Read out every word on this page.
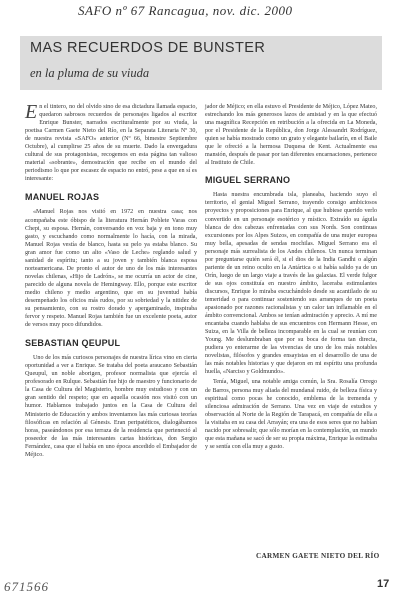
SAFO nº 67 Rancagua, nov. dic. 2000
MAS RECUERDOS DE BUNSTER
en la pluma de su viuda

En el tintero, no del olvido sino de esa dictadura llamada espacio, quedaron sabrosos recuerdos de personajes ligados al escritor Enrique Bunster, narrados escrituralmente por su viuda, la poetisa Carmen Gaete Nieto del Río, en la Separata Literaria Nº 30, de nuestra revista «SAFO» anterior (Nº 66, bimestre Septiembre Octubre), al cumplirse 25 años de su muerte. Dado la envergadura cultural de sus protagonistas, recogemos en esta página tan valioso material «sobrante», demostración que recibe en el mundo del periodismo lo que por escasez de espacio no entró, pese a que en sí es interesante:

MANUEL ROJAS

«Manuel Rojas nos visitó en 1972 en nuestra casa; nos acompañaba este óbispo de la literatura Hernán Poblete Varas con Chepi, su esposa. Hernán, conversando en voz baja y en tono muy gasto, y escuchando como normalmente lo hacía, con la mirada, Manuel Rojas vestía de blanco, hasta su pelo ya estaba blanco. Su gran amor fue como un alto «Vaso de Leche» reglando salud y sanidad de espíritu; tanto a su joven y también blanca esposa norteamericana. De pronto el autor de uno de los más interesantes novelas chilenas, «Hijo de Ladrón», se me ocurría un actor de cine, parecido de alguna novela de Hemingway. Ello, porque este escritor medio chileno y medio argentino, que en su juventud había desempeñado los oficios más rudos, por su sobriedad y la nitidez de su pensamiento, con su rostro dorado y apergaminado, inspiraba fervor y respeto. Manuel Rojas también fue un excelente poeta, autor de versos muy poco difundidos.

SEBASTIAN QEUPUL

Uno de los más curiosos personajes de nuestra lírica vino en cierta oportunidad a ver a Enrique. Se trataba del poeta araucano Sebastián Queupul, un noble aborigen, profesor normalista que ejercía el profesorado en Rulque. Sebastián fue hijo de maestro y funcionario de la Casa de Cultura del Magisterio, hombre muy estudioso y con un gran sentido del respeto; que en aquella ocasión nos visitó con un humor. Hablamos trabajado juntos en la Casa de Cultura del Ministerio de Educación y ambos inventamos las más curiosas teorías filosóficas en relación al Génesis. Eran peripatéticos, dialogábamos horas, paseándonos por esa terraza de la residencia que perteneció al poseedor de las más interesantes cartas históricas, don Sergio Fernández, casa que el había en uno época ancedido el Embajador de Méjico.

jador de Méjico; en ella estuvo el Presidente de Méjico, López Mateo, estrechando los más generosos lazos de amistad y en la que efectuó una magnífica Recepción en retribución a la ofrecida en La Moneda, por el Presidente de la República, don Jorge Alessandri Rodríguez, quien se había mostrado como un grato y elegante bailarín, en el Baile que le ofreció a la hermosa Duquesa de Kent. Actualmente esa mansión, después de pasar por tan diferentes encarnaciones, pertenece al Instituto de Chile.

MIGUEL SERRANO

Hasta nuestra encumbrada isla, planeaba, haciendo suyo el territorio, el genial Miguel Serrano, trayendo consigo ambiciosos proyectos y proposiciones para Enrique, al que hubiese querido verlo convertido en un personaje esotérico y místico. Extraído su águila blanca de dos cabezas enfrentadas con sus Nords. Son continuas excursiones por los Alpes Suizos, en compañía de una mujer europea muy bella, apesadas de sendas mochilas. Miguel Serrano era el personaje más surrealista de los Andes chilenos. Un nunca terminan por preguntarse quién será él, si el dios de la India Gandhi o algún pariente de un reino oculto en la Antártica o si había salido ya de un Orín, luego de un largo viaje a través de las galaxias. El verde fulgor de sus ojos constituía en nuestro ámbito, laceraba estimulantes discursos, Enrique lo miraba escuchándolo desde su acantilado de su temeridad o para continuar sosteniendo sus arranques de un poeta apasionado por razones racionalistas y un calor tan inflamable en el ámbito convencional. Ambos se tenían admiración y aprecio. A mí me encantaba cuando hablaba de sus encuentros con Hermann Hesse, en Suiza, en la Villa de belleza incomparable en la cual se reunían con Young. Me deslumbraban que por su boca de forma tan directa, pudiera yo enterarme de las vivencias de uno de los más notables novelistas, filósofos y grandes ensayistas en el desarrollo de una de las más notables historias y que dejaron en mi espíritu una profunda huella, «Narciso y Goldmundo».

Tenía, Miguel, una notable amiga común, la Sra. Rosalía Orrego de Barros, persona muy aliada del mundanal ruido, de belleza física y espiritual como pocas he conocido, emblema de la tremenda y silenciosa admiración de Serrano. Una vez en viaje de estudios y observación al Norte de la Región de Tarapacá, en compañía de ella a la visitaba en su casa del Arrayán; era una de esos seres que no habían nacido por sobresalir, que sólo morían en la contemplación, un mundo que esta mañana se sacó de ser su propia máxima, Enrique la estimaba y se sentía con ella muy a gusto.

CARMEN GAETE NIETO DEL RÍO
17
671566
